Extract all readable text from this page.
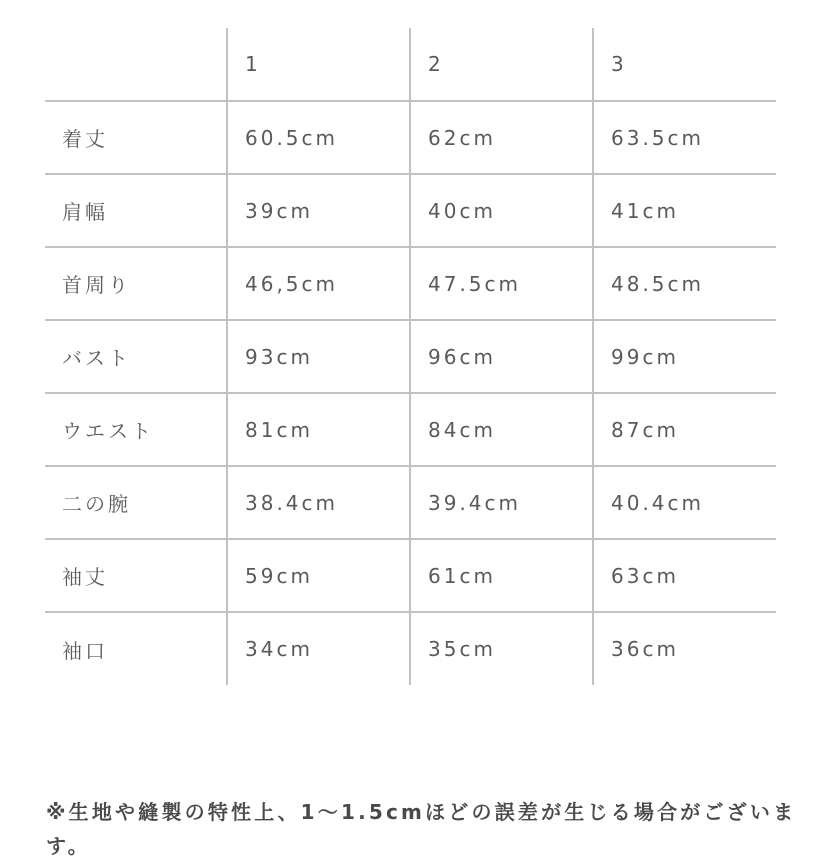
	1	2	3
着丈	60.5cm	62cm	63.5cm
肩幅	39cm	40cm	41cm
首周り	46,5cm	47.5cm	48.5cm
バスト	93cm	96cm	99cm
ウエスト	81cm	84cm	87cm
二の腕	38.4cm	39.4cm	40.4cm
袖丈	59cm	61cm	63cm
袖口	34cm	35cm	36cm

※生地や縫製の特性上、1〜1.5cmほどの誤差が生じる場合がございます。
